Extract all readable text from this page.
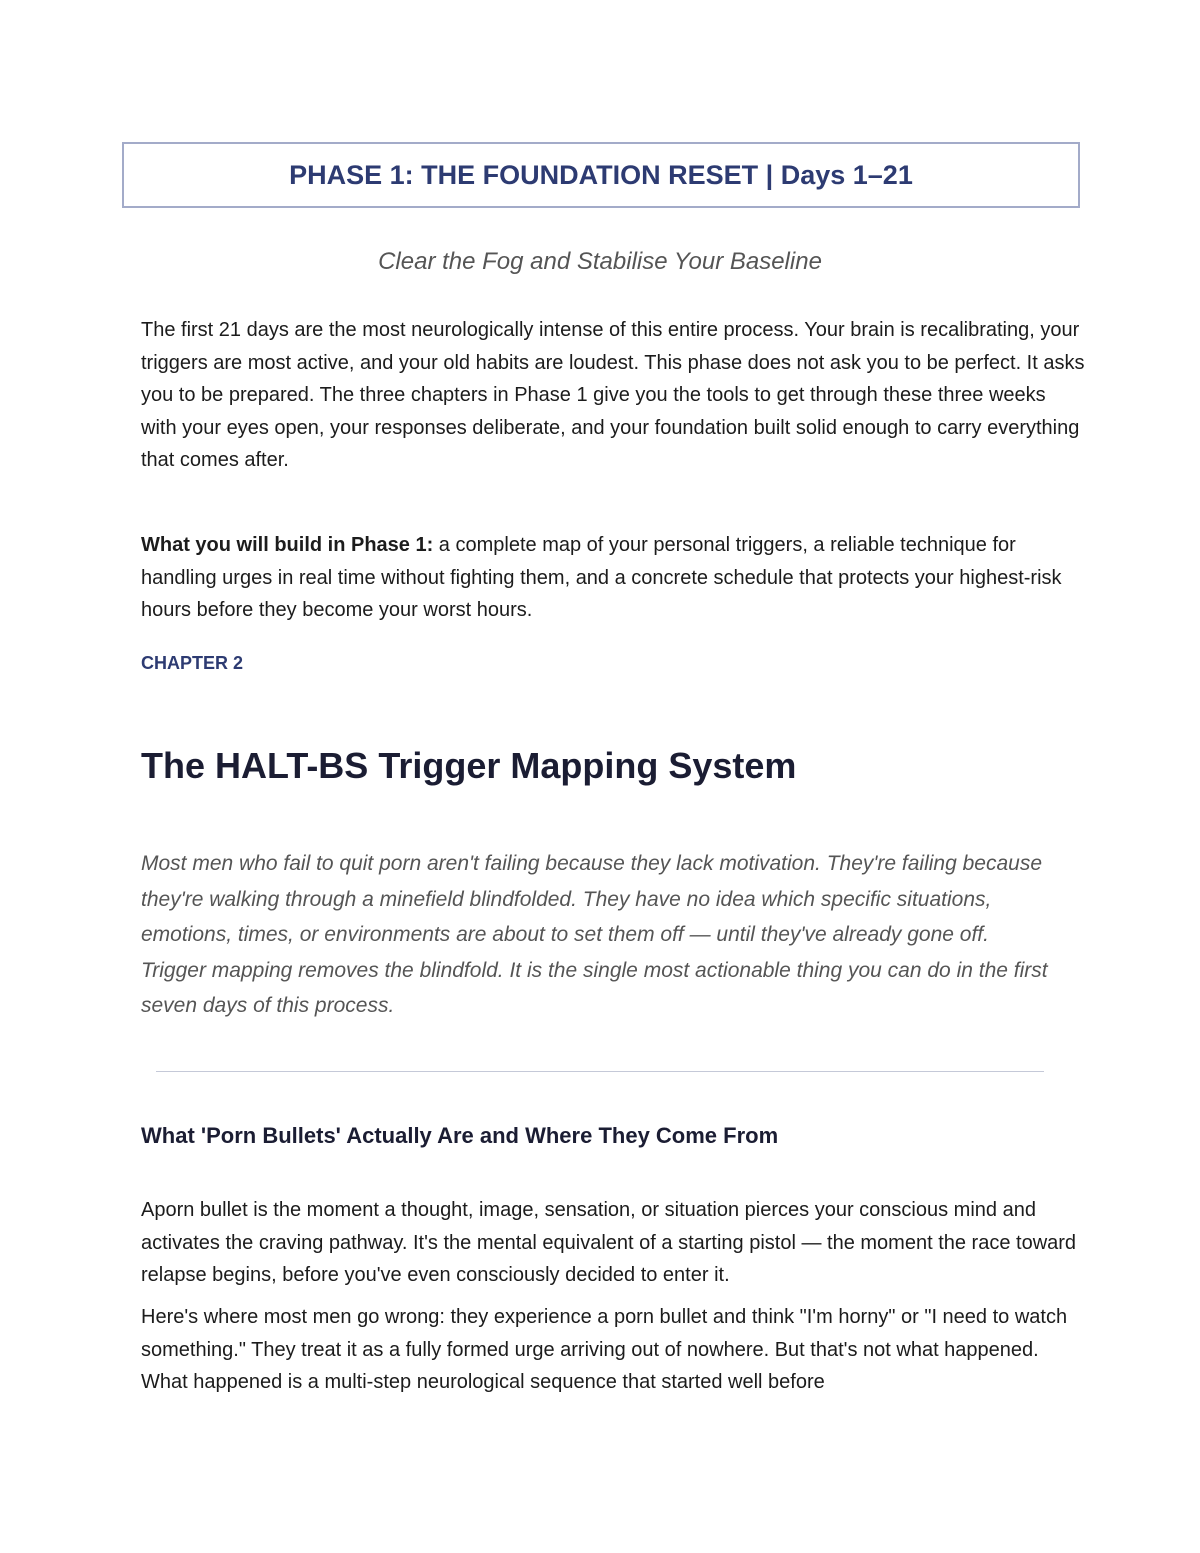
PHASE 1: THE FOUNDATION RESET | Days 1–21
Clear the Fog and Stabilise Your Baseline

The first 21 days are the most neurologically intense of this entire process. Your brain is recalibrating, your triggers are most active, and your old habits are loudest. This phase does not ask you to be perfect. It asks you to be prepared. The three chapters in Phase 1 give you the tools to get through these three weeks with your eyes open, your responses deliberate, and your foundation built solid enough to carry everything that comes after.

What you will build in Phase 1: a complete map of your personal triggers, a reliable technique for handling urges in real time without fighting them, and a concrete schedule that protects your highest-risk hours before they become your worst hours.

CHAPTER 2
The HALT-BS Trigger Mapping System

Most men who fail to quit porn aren't failing because they lack motivation. They're failing because they're walking through a minefield blindfolded. They have no idea which specific situations, emotions, times, or environments are about to set them off — until they've already gone off. Trigger mapping removes the blindfold. It is the single most actionable thing you can do in the first seven days of this process.

What 'Porn Bullets' Actually Are and Where They Come From

Aporn bullet is the moment a thought, image, sensation, or situation pierces your conscious mind and activates the craving pathway. It's the mental equivalent of a starting pistol — the moment the race toward relapse begins, before you've even consciously decided to enter it.

Here's where most men go wrong: they experience a porn bullet and think "I'm horny" or "I need to watch something." They treat it as a fully formed urge arriving out of nowhere. But that's not what happened. What happened is a multi-step neurological sequence that started well before
